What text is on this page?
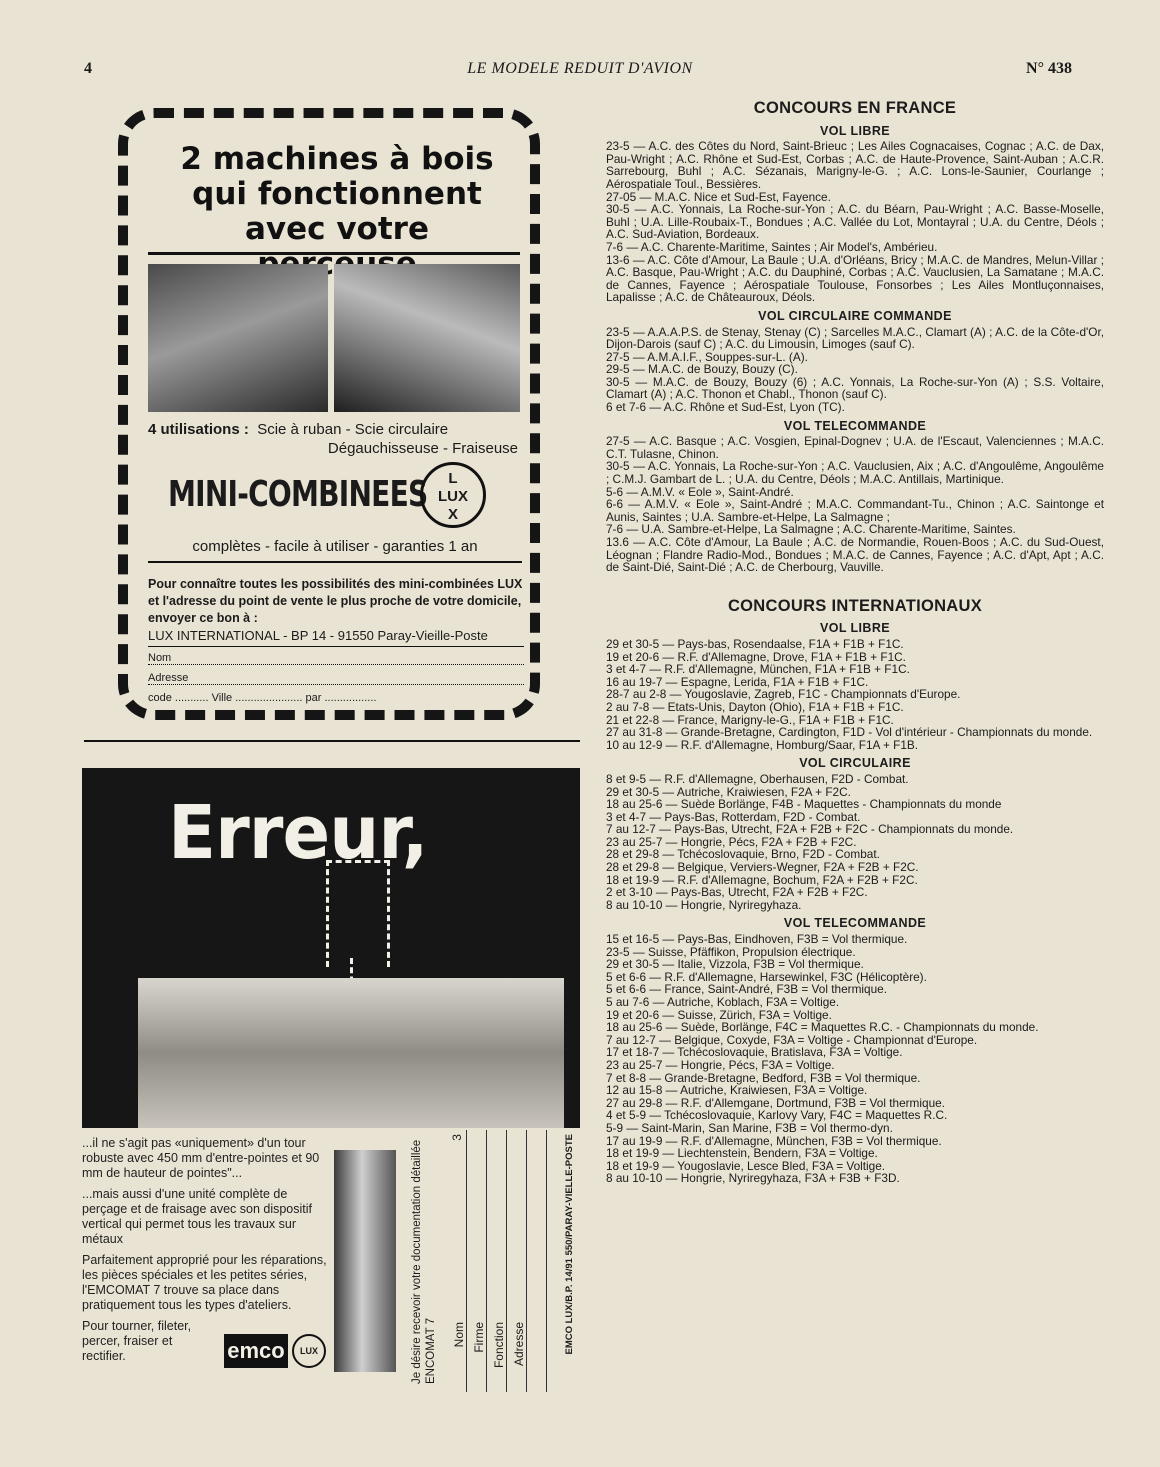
4	LE MODELE REDUIT D'AVION	N° 438
2 machines à bois
qui fonctionnent
avec votre
4 utilisations : Scie à ruban - Scie circulaire
Dégauchisseuse - Fraiseuse
MINI-COMBINEES	L
LUX
X
complètes - facile à utiliser - garanties 1 an
Pour connaître toutes les possibilités des mini-combinées LUX et l'adresse du point de vente le plus proche de votre domicile, envoyer ce bon à :
LUX INTERNATIONAL - BP 14 - 91550 Paray-Vieille-Poste
Nom
Adresse
code ........... Ville ...................... par .................
Erreur,

...il ne s'agit pas «uniquement» d'un tour robuste avec 450 mm d'entre-pointes et 90 mm de hauteur de pointes"...

...mais aussi d'une unité complète de perçage et de fraisage avec son dispositif vertical qui permet tous les travaux sur métaux

Parfaitement approprié pour les réparations, les pièces spéciales et les petites séries, l'EMCOMAT 7 trouve sa place dans pratiquement tous les types d'ateliers.

Pour tourner, fileter, percer, fraiser et rectifier.	emco	LUX	Je désire recevoir votre documentation détaillée ENCOMAT 7
3
Nom Firme Fonction Adresse	EMCO LUX/B.P. 14/91 550/PARAY-VIELLE-POSTE
CONCOURS EN FRANCE
VOL LIBRE

23-5 — A.C. des Côtes du Nord, Saint-Brieuc ; Les Ailes Cognacaises, Cognac ; A.C. de Dax, Pau-Wright ; A.C. Rhône et Sud-Est, Corbas ; A.C. de Haute-Provence, Saint-Auban ; A.C.R. Sarrebourg, Buhl ; A.C. Sézanais, Marigny-le-G. ; A.C. Lons-le-Saunier, Courlange ; Aérospatiale Toul., Bessières.

27-05 — M.A.C. Nice et Sud-Est, Fayence.

30-5 — A.C. Yonnais, La Roche-sur-Yon ; A.C. du Béarn, Pau-Wright ; A.C. Basse-Moselle, Buhl ; U.A. Lille-Roubaix-T., Bondues ; A.C. Vallée du Lot, Montayral ; U.A. du Centre, Déols ; A.C. Sud-Aviation, Bordeaux.

7-6 — A.C. Charente-Maritime, Saintes ; Air Model's, Ambérieu.

13-6 — A.C. Côte d'Amour, La Baule ; U.A. d'Orléans, Bricy ; M.A.C. de Mandres, Melun-Villar ; A.C. Basque, Pau-Wright ; A.C. du Dauphiné, Corbas ; A.C. Vauclusien, La Samatane ; M.A.C. de Cannes, Fayence ; Aérospatiale Toulouse, Fonsorbes ; Les Ailes Montluçonnaises, Lapalisse ; A.C. de Châteauroux, Déols.

VOL CIRCULAIRE COMMANDE

23-5 — A.A.A.P.S. de Stenay, Stenay (C) ; Sarcelles M.A.C., Clamart (A) ; A.C. de la Côte-d'Or, Dijon-Darois (sauf C) ; A.C. du Limousin, Limoges (sauf C).

27-5 — A.M.A.I.F., Souppes-sur-L. (A).

29-5 — M.A.C. de Bouzy, Bouzy (C).

30-5 — M.A.C. de Bouzy, Bouzy (6) ; A.C. Yonnais, La Roche-sur-Yon (A) ; S.S. Voltaire, Clamart (A) ; A.C. Thonon et Chabl., Thonon (sauf C).

6 et 7-6 — A.C. Rhône et Sud-Est, Lyon (TC).

VOL TELECOMMANDE

27-5 — A.C. Basque ; A.C. Vosgien, Epinal-Dognev ; U.A. de l'Escaut, Valenciennes ; M.A.C. C.T. Tulasne, Chinon.

30-5 — A.C. Yonnais, La Roche-sur-Yon ; A.C. Vauclusien, Aix ; A.C. d'Angoulême, Angoulême ; C.M.J. Gambart de L. ; U.A. du Centre, Déols ; M.A.C. Antillais, Martinique.

5-6 — A.M.V. « Eole », Saint-André.

6-6 — A.M.V. « Eole », Saint-André ; M.A.C. Commandant-Tu., Chinon ; A.C. Saintonge et Aunis, Saintes ; U.A. Sambre-et-Helpe, La Salmagne ;

7-6 — U.A. Sambre-et-Helpe, La Salmagne ; A.C. Charente-Maritime, Saintes.

13.6 — A.C. Côte d'Amour, La Baule ; A.C. de Normandie, Rouen-Boos ; A.C. du Sud-Ouest, Léognan ; Flandre Radio-Mod., Bondues ; M.A.C. de Cannes, Fayence ; A.C. d'Apt, Apt ; A.C. de Saint-Dié, Saint-Dié ; A.C. de Cherbourg, Vauville.

CONCOURS INTERNATIONAUX
VOL LIBRE

29 et 30-5 — Pays-bas, Rosendaalse, F1A + F1B + F1C.

19 et 20-6 — R.F. d'Allemagne, Drove, F1A + F1B + F1C.

3 et 4-7 — R.F. d'Allemagne, München, F1A + F1B + F1C.

16 au 19-7 — Espagne, Lerida, F1A + F1B + F1C.

28-7 au 2-8 — Yougoslavie, Zagreb, F1C - Championnats d'Europe.

2 au 7-8 — Etats-Unis, Dayton (Ohio), F1A + F1B + F1C.

21 et 22-8 — France, Marigny-le-G., F1A + F1B + F1C.

27 au 31-8 — Grande-Bretagne, Cardington, F1D - Vol d'intérieur - Championnats du monde.

10 au 12-9 — R.F. d'Allemagne, Homburg/Saar, F1A + F1B.

VOL CIRCULAIRE

8 et 9-5 — R.F. d'Allemagne, Oberhausen, F2D - Combat.

29 et 30-5 — Autriche, Kraiwiesen, F2A + F2C.

18 au 25-6 — Suède Borlänge, F4B - Maquettes - Championnats du monde

3 et 4-7 — Pays-Bas, Rotterdam, F2D - Combat.

7 au 12-7 — Pays-Bas, Utrecht, F2A + F2B + F2C - Championnats du monde.

23 au 25-7 — Hongrie, Pécs, F2A + F2B + F2C.

28 et 29-8 — Tchécoslovaquie, Brno, F2D - Combat.

28 et 29-8 — Belgique, Verviers-Wegner, F2A + F2B + F2C.

18 et 19-9 — R.F. d'Allemagne, Bochum, F2A + F2B + F2C.

2 et 3-10 — Pays-Bas, Utrecht, F2A + F2B + F2C.

8 au 10-10 — Hongrie, Nyriregyhaza.

VOL TELECOMMANDE

15 et 16-5 — Pays-Bas, Eindhoven, F3B = Vol thermique.

23-5 — Suisse, Pfäffikon, Propulsion électrique.

29 et 30-5 — Italie, Vizzola, F3B = Vol thermique.

5 et 6-6 — R.F. d'Allemagne, Harsewinkel, F3C (Hélicoptère).

5 et 6-6 — France, Saint-André, F3B = Vol thermique.

5 au 7-6 — Autriche, Koblach, F3A = Voltige.

19 et 20-6 — Suisse, Zürich, F3A = Voltige.

18 au 25-6 — Suède, Borlänge, F4C = Maquettes R.C. - Championnats du monde.

7 au 12-7 — Belgique, Coxyde, F3A = Voltige - Championnat d'Europe.

17 et 18-7 — Tchécoslovaquie, Bratislava, F3A = Voltige.

23 au 25-7 — Hongrie, Pécs, F3A = Voltige.

7 et 8-8 — Grande-Bretagne, Bedford, F3B = Vol thermique.

12 au 15-8 — Autriche, Kraiwiesen, F3A = Voltige.

27 au 29-8 — R.F. d'Allemgane, Dortmund, F3B = Vol thermique.

4 et 5-9 — Tchécoslovaquie, Karlovy Vary, F4C = Maquettes R.C.

5-9 — Saint-Marin, San Marine, F3B = Vol thermo-dyn.

17 au 19-9 — R.F. d'Allemagne, München, F3B = Vol thermique.

18 et 19-9 — Liechtenstein, Bendern, F3A = Voltige.

18 et 19-9 — Yougoslavie, Lesce Bled, F3A = Voltige.

8 au 10-10 — Hongrie, Nyriregyhaza, F3A + F3B + F3D.
